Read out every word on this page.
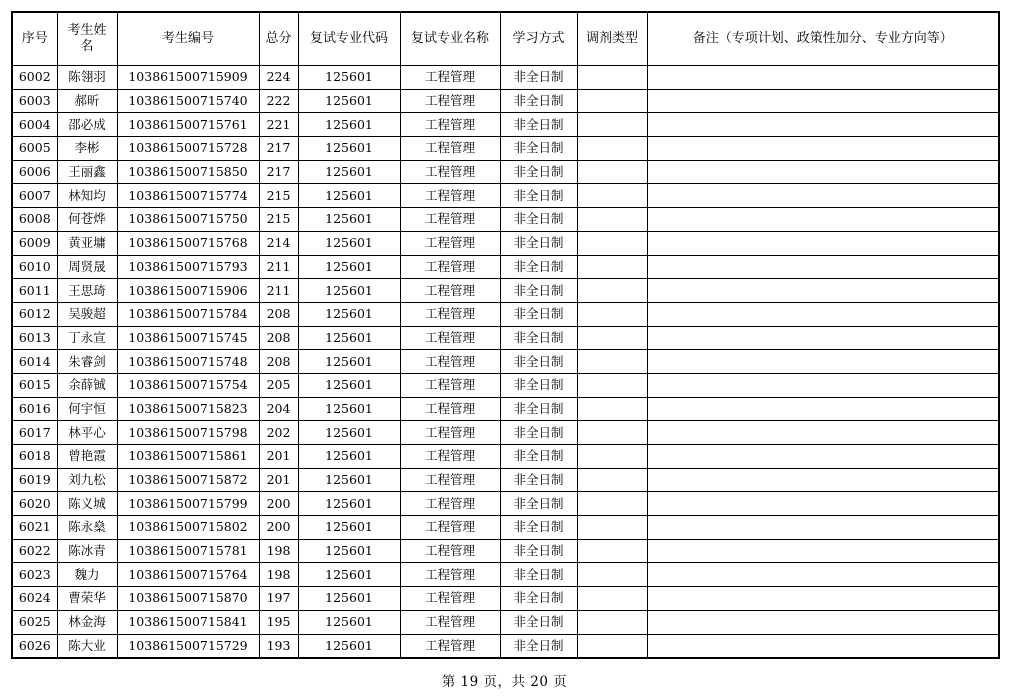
序号	考生姓名	考生编号	总分	复试专业代码	复试专业名称	学习方式	调剂类型	备注（专项计划、政策性加分、专业方向等）
6002	陈翎羽	103861500715909	224	125601	工程管理	非全日制		
6003	郝昕	103861500715740	222	125601	工程管理	非全日制		
6004	邵必成	103861500715761	221	125601	工程管理	非全日制		
6005	李彬	103861500715728	217	125601	工程管理	非全日制		
6006	王丽鑫	103861500715850	217	125601	工程管理	非全日制		
6007	林知均	103861500715774	215	125601	工程管理	非全日制		
6008	何苍烨	103861500715750	215	125601	工程管理	非全日制		
6009	黄亚墉	103861500715768	214	125601	工程管理	非全日制		
6010	周贤晟	103861500715793	211	125601	工程管理	非全日制		
6011	王思琦	103861500715906	211	125601	工程管理	非全日制		
6012	吴骏超	103861500715784	208	125601	工程管理	非全日制		
6013	丁永宣	103861500715745	208	125601	工程管理	非全日制		
6014	朱睿剑	103861500715748	208	125601	工程管理	非全日制		
6015	余薛铖	103861500715754	205	125601	工程管理	非全日制		
6016	何宇恒	103861500715823	204	125601	工程管理	非全日制		
6017	林平心	103861500715798	202	125601	工程管理	非全日制		
6018	曾艳霞	103861500715861	201	125601	工程管理	非全日制		
6019	刘九松	103861500715872	201	125601	工程管理	非全日制		
6020	陈义城	103861500715799	200	125601	工程管理	非全日制		
6021	陈永燊	103861500715802	200	125601	工程管理	非全日制		
6022	陈冰青	103861500715781	198	125601	工程管理	非全日制		
6023	魏力	103861500715764	198	125601	工程管理	非全日制		
6024	曹荣华	103861500715870	197	125601	工程管理	非全日制		
6025	林金海	103861500715841	195	125601	工程管理	非全日制		
6026	陈大业	103861500715729	193	125601	工程管理	非全日制		
第 19 页，共 20 页
